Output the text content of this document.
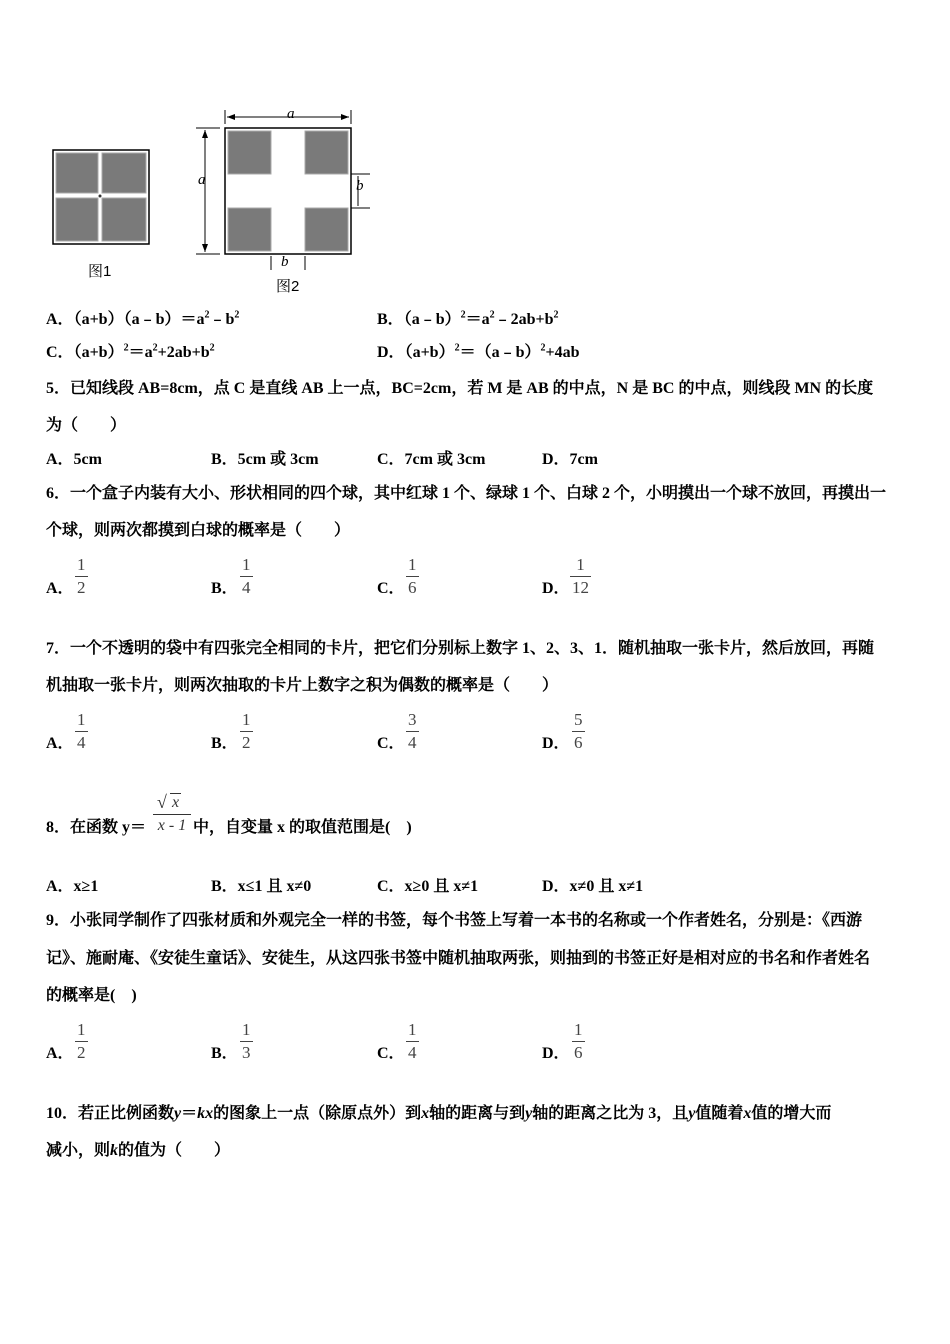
a
a	b
b
图1
图2
A．$(a+b)(a﹣b)=a^2﹣b^2$	B．$(a﹣b)^2=a^2﹣2ab+b^2$
C．$(a+b)^2=a^2+2ab+b^2$	D．$(a+b)^2=(a﹣b)^2+4ab$
5．已知线段 AB=8cm，点 C 是直线 AB 上一点，BC=2cm，若 M 是 AB 的中点，N 是 BC 的中点，则线段 MN 的长度
为（　　）
A．5cm	B．5cm 或 3cm	C．7cm 或 3cm	D．7cm
6．一个盒子内装有大小、形状相同的四个球，其中红球 1 个、绿球 1 个、白球 2 个，小明摸出一个球不放回，再摸出一
个球，则两次都摸到白球的概率是（　　）
A． $\frac{1}{2}$	B． $\frac{1}{4}$	C． $\frac{1}{6}$	D． $\frac{1}{12}$
7．一个不透明的袋中有四张完全相同的卡片，把它们分别标上数字 1、2、3、1．随机抽取一张卡片，然后放回，再随
机抽取一张卡片，则两次抽取的卡片上数字之积为偶数的概率是（　　）
A． $\frac{1}{4}$	B． $\frac{1}{2}$	C． $\frac{3}{4}$	D． $\frac{5}{6}$
8．在函数 y＝
√ x
x - 1 中，自变量 x 的取值范围是(　)
A．x≥1	B．x≤1 且 x≠0	C．x≥0 且 x≠1	D．x≠0 且 x≠1
9．小张同学制作了四张材质和外观完全一样的书签，每个书签上写着一本书的名称或一个作者姓名，分别是：《西游
记》、施耐庵、《安徒生童话》、安徒生，从这四张书签中随机抽取两张，则抽到的书签正好是相对应的书名和作者姓名
的概率是(　)
A． $\frac{1}{2}$	B． $\frac{1}{3}$	C． $\frac{1}{4}$	D． $\frac{1}{6}$
10．若正比例函数y＝kx的图象上一点（除原点外）到x轴的距离与到y轴的距离之比为 3，且y值随着x值的增大而
减小，则k的值为（　　）
